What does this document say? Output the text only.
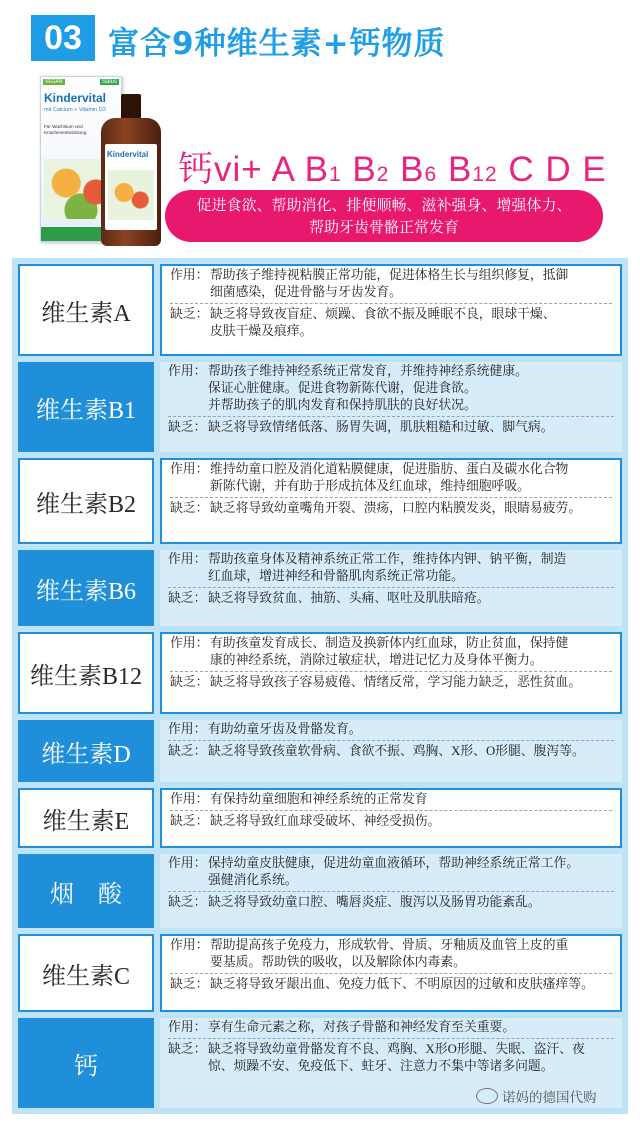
03 富含9种维生素+钙物质
VEGAN	Salus
Kindervital
mit Calcium + Vitamin D3
Für Wachstum und Knochenentwicklung
Kindervital 钙vi+ A B1 B2 B6 B12 C D E
促进食欲、帮助消化、排便顺畅、滋补强身、增强体力、
帮助牙齿骨骼正常发育
维生素A
作用： 帮助孩子维持视粘膜正常功能，促进体格生长与组织修复，抵御
细菌感染，促进骨骼与牙齿发育。
缺乏： 缺乏将导致夜盲症、烦躁、食欲不振及睡眠不良，眼球干燥、
皮肤干燥及痕痒。
维生素B1
作用： 帮助孩子维持神经系统正常发育，并维持神经系统健康。
保证心脏健康。促进食物新陈代谢，促进食欲。
并帮助孩子的肌肉发育和保持肌肤的良好状况。
缺乏： 缺乏将导致情绪低落、肠胃失调，肌肤粗糙和过敏、脚气病。
维生素B2
作用： 维持幼童口腔及消化道粘膜健康，促进脂肪、蛋白及碳水化合物
新陈代谢，并有助于形成抗体及红血球，维持细胞呼吸。
缺乏： 缺乏将导致幼童嘴角开裂、溃疡，口腔内粘膜发炎，眼睛易疲劳。
维生素B6
作用： 帮助孩童身体及精神系统正常工作，维持体内钾、钠平衡，制造
红血球，增进神经和骨骼肌肉系统正常功能。
缺乏： 缺乏将导致贫血、抽筋、头痛、呕吐及肌肤暗疮。
维生素B12
作用： 有助孩童发育成长、制造及换新体内红血球，防止贫血，保持健
康的神经系统，消除过敏症状，增进记忆力及身体平衡力。
缺乏： 缺乏将导致孩子容易疲倦、情绪反常，学习能力缺乏，恶性贫血。
维生素D
作用： 有助幼童牙齿及骨骼发育。
缺乏： 缺乏将导致孩童软骨病、食欲不振、鸡胸、X形、O形腿、腹泻等。
维生素E
作用： 有保持幼童细胞和神经系统的正常发育
缺乏： 缺乏将导致红血球受破坏、神经受损伤。
烟　酸
作用： 保持幼童皮肤健康，促进幼童血液循环，帮助神经系统正常工作。
强健消化系统。
缺乏： 缺乏将导致幼童口腔、嘴唇炎症、腹泻以及肠胃功能紊乱。
维生素C
作用： 帮助提高孩子免疫力，形成软骨、骨质、牙釉质及血管上皮的重
要基质。帮助铁的吸收，以及解除体内毒素。
缺乏： 缺乏将导致牙龈出血、免疫力低下、不明原因的过敏和皮肤瘙痒等。
钙
作用： 享有生命元素之称，对孩子骨骼和神经发育至关重要。
缺乏： 缺乏将导致幼童骨骼发育不良、鸡胸、X形O形腿、失眠、盗汗、夜
惊、烦躁不安、免疫低下、蛀牙、注意力不集中等诸多问题。
诺妈的德国代购
